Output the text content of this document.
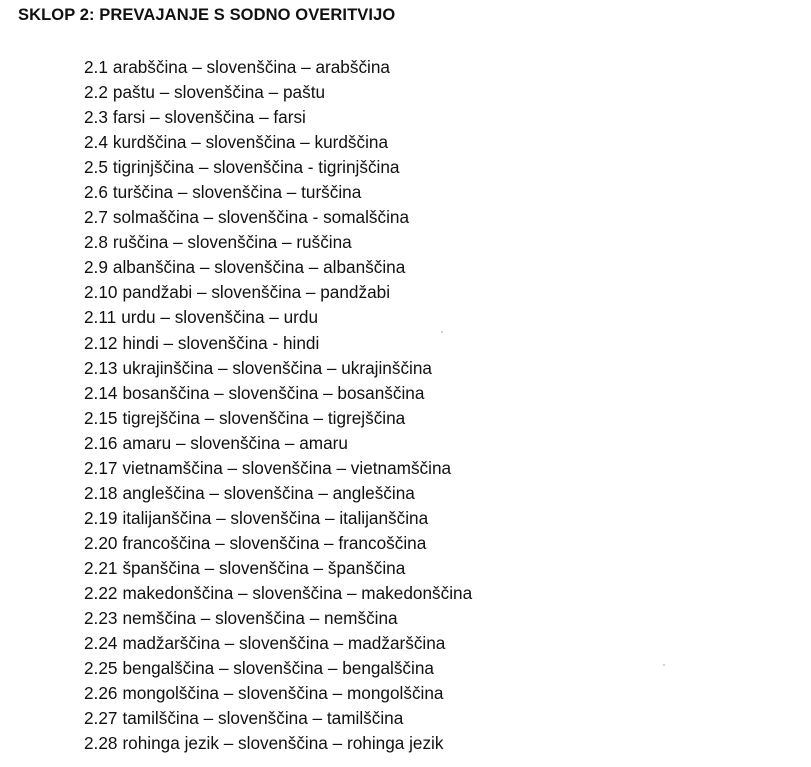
SKLOP 2: PREVAJANJE S SODNO OVERITVIJO
2.1 arabščina – slovenščina – arabščina
2.2 paštu – slovenščina – paštu
2.3 farsi – slovenščina – farsi
2.4 kurdščina – slovenščina – kurdščina
2.5 tigrinjščina – slovenščina - tigrinjščina
2.6 turščina – slovenščina – turščina
2.7 solmaščina – slovenščina - somalščina
2.8 ruščina – slovenščina – ruščina
2.9 albanščina – slovenščina – albanščina
2.10 pandžabi – slovenščina – pandžabi
2.11 urdu – slovenščina – urdu
2.12 hindi – slovenščina - hindi
2.13 ukrajinščina – slovenščina – ukrajinščina
2.14 bosanščina – slovenščina – bosanščina
2.15 tigrejščina – slovenščina – tigrejščina
2.16 amaru – slovenščina – amaru
2.17 vietnamščina – slovenščina – vietnamščina
2.18 angleščina – slovenščina – angleščina
2.19 italijanščina – slovenščina – italijanščina
2.20 francoščina – slovenščina – francoščina
2.21 španščina – slovenščina – španščina
2.22 makedonščina – slovenščina – makedonščina
2.23 nemščina – slovenščina – nemščina
2.24 madžarščina – slovenščina – madžarščina
2.25 bengalščina – slovenščina – bengalščina
2.26 mongolščina – slovenščina – mongolščina
2.27 tamilščina – slovenščina – tamilščina
2.28 rohinga jezik – slovenščina – rohinga jezik
